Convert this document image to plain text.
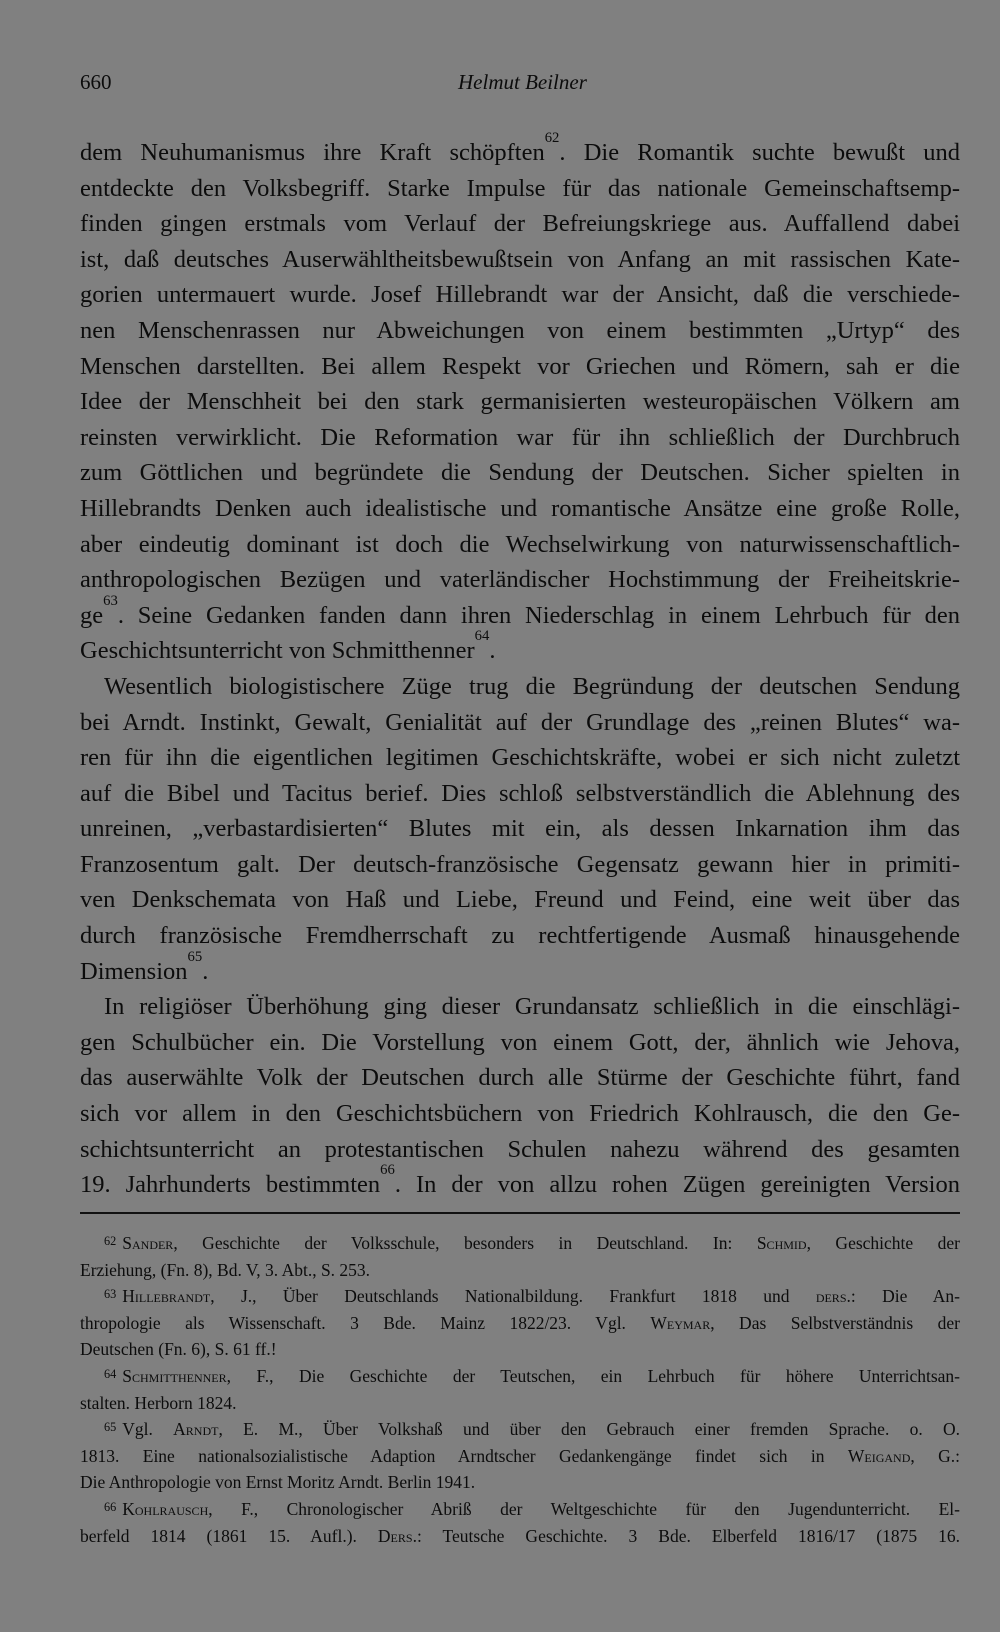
660	Helmut Beilner
dem Neuhumanismus ihre Kraft schöpften$^{62}$. Die Romantik suchte bewußt und
entdeckte den Volksbegriff. Starke Impulse für das nationale Gemeinschaftsemp-
finden gingen erstmals vom Verlauf der Befreiungskriege aus. Auffallend dabei
ist, daß deutsches Auserwähltheitsbewußtsein von Anfang an mit rassischen Kate-
gorien untermauert wurde. Josef Hillebrandt war der Ansicht, daß die verschiede-
nen Menschenrassen nur Abweichungen von einem bestimmten „Urtyp“ des
Menschen darstellten. Bei allem Respekt vor Griechen und Römern, sah er die
Idee der Menschheit bei den stark germanisierten westeuropäischen Völkern am
reinsten verwirklicht. Die Reformation war für ihn schließlich der Durchbruch
zum Göttlichen und begründete die Sendung der Deutschen. Sicher spielten in
Hillebrandts Denken auch idealistische und romantische Ansätze eine große Rolle,
aber eindeutig dominant ist doch die Wechselwirkung von naturwissenschaftlich-
anthropologischen Bezügen und vaterländischer Hochstimmung der Freiheitskrie-
$ge^{63}$. Seine Gedanken fanden dann ihren Niederschlag in einem Lehrbuch für den
Geschichtsunterricht von Schmitthenner$^{64}$.
Wesentlich biologistischere Züge trug die Begründung der deutschen Sendung
bei Arndt. Instinkt, Gewalt, Genialität auf der Grundlage des „reinen Blutes“ wa-
ren für ihn die eigentlichen legitimen Geschichtskräfte, wobei er sich nicht zuletzt
auf die Bibel und Tacitus berief. Dies schloß selbstverständlich die Ablehnung des
unreinen, „verbastardisierten“ Blutes mit ein, als dessen Inkarnation ihm das
Franzosentum galt. Der deutsch-französische Gegensatz gewann hier in primiti-
ven Denkschemata von Haß und Liebe, Freund und Feind, eine weit über das
durch französische Fremdherrschaft zu rechtfertigende Ausmaß hinausgehende
Dimension$^{65}$.
In religiöser Überhöhung ging dieser Grundansatz schließlich in die einschlägi-
gen Schulbücher ein. Die Vorstellung von einem Gott, der, ähnlich wie Jehova,
das auserwählte Volk der Deutschen durch alle Stürme der Geschichte führt, fand
sich vor allem in den Geschichtsbüchern von Friedrich Kohlrausch, die den Ge-
schichtsunterricht an protestantischen Schulen nahezu während des gesamten
19. Jahrhunderts bestimmten$^{66}$. In der von allzu rohen Zügen gereinigten Version
$^{62}$ Sander, Geschichte der Volksschule, besonders in Deutschland. In: Schmid, Geschichte der
Erziehung, (Fn. 8), Bd. V, 3. Abt., S. 253.
$^{63}$ Hillebrandt, J., Über Deutschlands Nationalbildung. Frankfurt 1818 und ders.: Die An-
thropologie als Wissenschaft. 3 Bde. Mainz 1822/23. Vgl. Weymar, Das Selbstverständnis der
Deutschen (Fn. 6), S. 61 ff.!
$^{64}$ Schmitthenner, F., Die Geschichte der Teutschen, ein Lehrbuch für höhere Unterrichtsan-
stalten. Herborn 1824.
$^{65}$ Vgl. Arndt, E. M., Über Volkshaß und über den Gebrauch einer fremden Sprache. o. O.
1813. Eine nationalsozialistische Adaption Arndtscher Gedankengänge findet sich in Weigand, G.:
Die Anthropologie von Ernst Moritz Arndt. Berlin 1941.
$^{66}$ Kohlrausch, F., Chronologischer Abriß der Weltgeschichte für den Jugendunterricht. El-
berfeld 1814 (1861 15. Aufl.). Ders.: Teutsche Geschichte. 3 Bde. Elberfeld 1816/17 (1875 16.
